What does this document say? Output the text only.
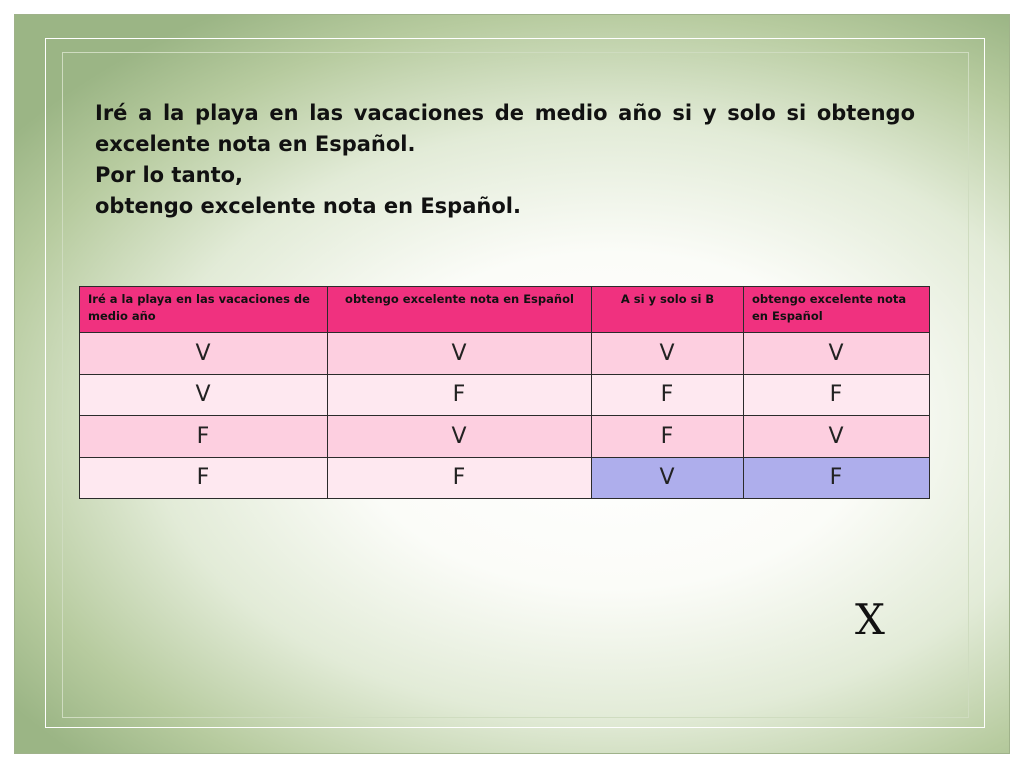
Iré a la playa en las vacaciones de medio año si y solo si obtengo excelente nota en Español.
Por lo tanto,
obtengo excelente nota en Español.
Iré a la playa en las vacaciones de medio año	obtengo excelente nota en Español	A si y solo si B	obtengo excelente nota en Español
V	V	V	V
V	F	F	F
F	V	F	V
F	F	V	F
X
